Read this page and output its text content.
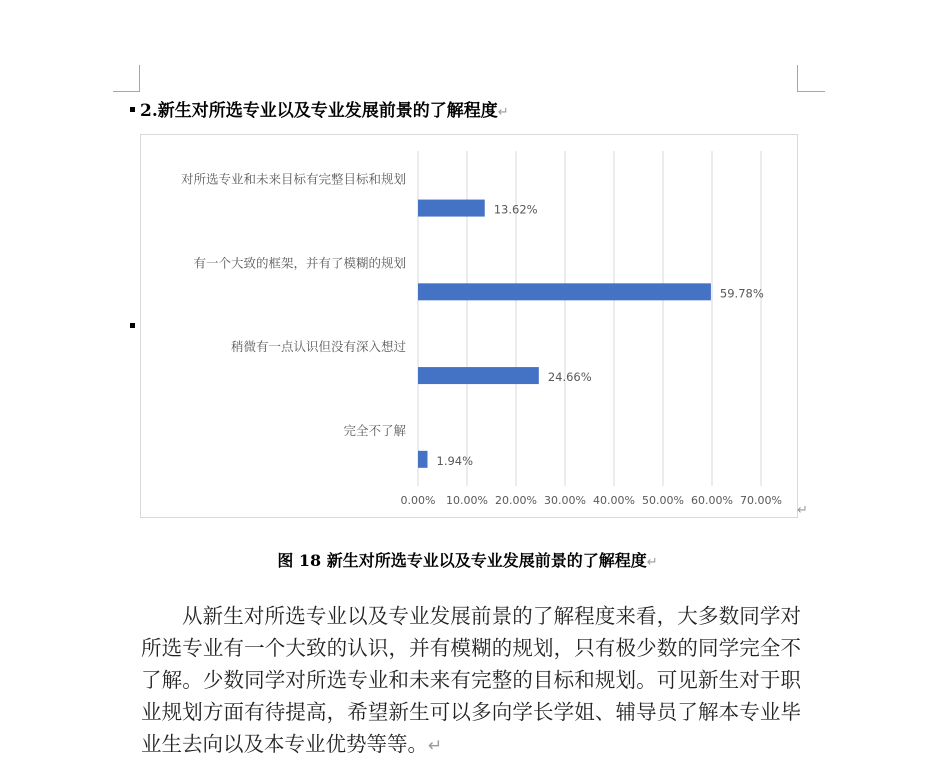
2.新生对所选专业以及专业发展前景的了解程度↵
0.00% 10.00% 20.00% 30.00% 40.00% 50.00% 60.00% 70.00%
对所选专业和未来目标有完整目标和规划
13.62%
有一个大致的框架，并有了模糊的规划
59.78%
稍微有一点认识但没有深入想过
24.66%
完全不了解
1.94%
↵
图 18 新生对所选专业以及专业发展前景的了解程度↵
从新生对所选专业以及专业发展前景的了解程度来看，大多数同学对所选专业有一个大致的认识，并有模糊的规划，只有极少数的同学完全不了解。少数同学对所选专业和未来有完整的目标和规划。可见新生对于职业规划方面有待提高，希望新生可以多向学长学姐、辅导员了解本专业毕业生去向以及本专业优势等等。↵
